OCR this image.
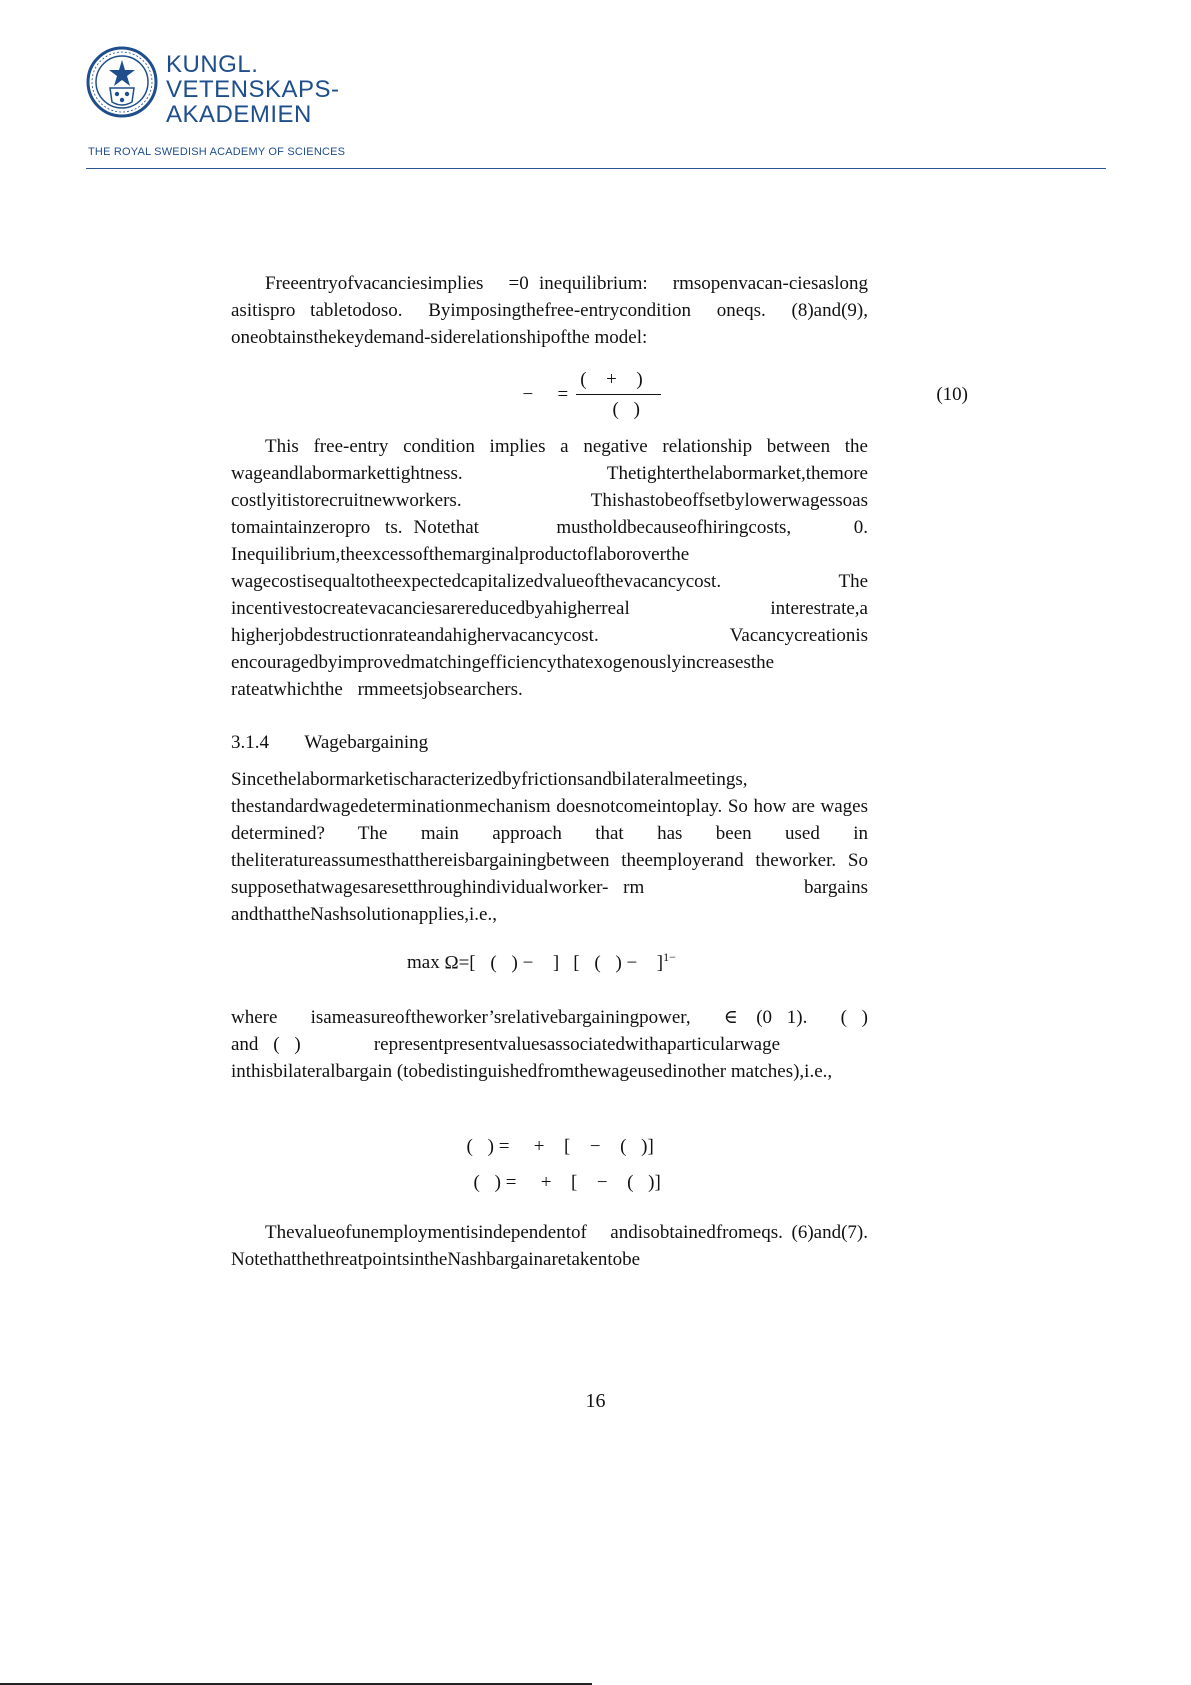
KUNGL.
VETENSKAPS-
AKADEMIEN
THE ROYAL SWEDISH ACADEMY OF SCIENCES

Freeentryofvacanciesimplies􏰀 =0 inequilibrium: 􏰁rmsopenvacan-ciesaslong asitispro􏰁tabletodoso. Byimposingthefree-entrycondition oneqs. (8)and(9), oneobtainsthekeydemand-siderelationshipofthe model:

􏰀 − 􏰀 = $\frac{(􏰀 + 􏰀)􏰀}{􏰀(􏰀)}$ 􏰀	(10)

This free-entry condition implies a negative relationship between the wageandlabormarkettightness. Thetighterthelabormarket,themore costlyitistorecruitnewworkers. Thishastobeoffsetbylowerwagessoas tomaintainzeropro􏰁ts. Notethat􏰀 􏰀 􏰀 mustholdbecauseofhiringcosts, 􏰀 􏰀 0. Inequilibrium,theexcessofthemarginalproductoflaboroverthe wagecostisequaltotheexpectedcapitalizedvalueofthevacancycost. The incentivestocreatevacanciesarereducedbyahigherreal interestrate,a higherjobdestructionrateandahighervacancycost. Vacancycreationis encouragedbyimprovedmatchingefficiencythatexogenouslyincreasesthe rateatwhichthe􏰁rmmeetsjobsearchers.

3.1.4 Wagebargaining

Sincethelabormarketischaracterizedbyfrictionsandbilateralmeetings, thestandardwagedeterminationmechanism doesnotcomeintoplay. So how are wages determined? The main approach that has been used in theliteratureassumesthatthereisbargainingbetween theemployerand theworker. So supposethatwagesaresetthroughindividualworker-􏰁rm bargains andthattheNashsolutionapplies,i.e.,

max
􏰀
Ω=[􏰀(􏰀) − 􏰀]􏰀 [􏰀(􏰀) − 􏰀]$^{1-􏰀}$ 􏰀

where􏰀 isameasureoftheworker’srelativebargainingpower,􏰀 ∈ (0􏰀1). 􏰀(􏰀) and􏰀(􏰀) representpresentvaluesassociatedwithaparticularwage 􏰀 inthisbilateralbargain (tobedistinguishedfromthewageusedinother matches),i.e.,

􏰀􏰀(􏰀) = 􏰀 + 􏰀[􏰀 − 􏰀(􏰀)]􏰀
􏰀􏰀(􏰀) = 􏰀 + 􏰀[􏰀 − 􏰀(􏰀)]􏰀

Thevalueofunemploymentisindependentof􏰀 andisobtainedfromeqs. (6)and(7). NotethatthethreatpointsintheNashbargainaretakentobe

16
